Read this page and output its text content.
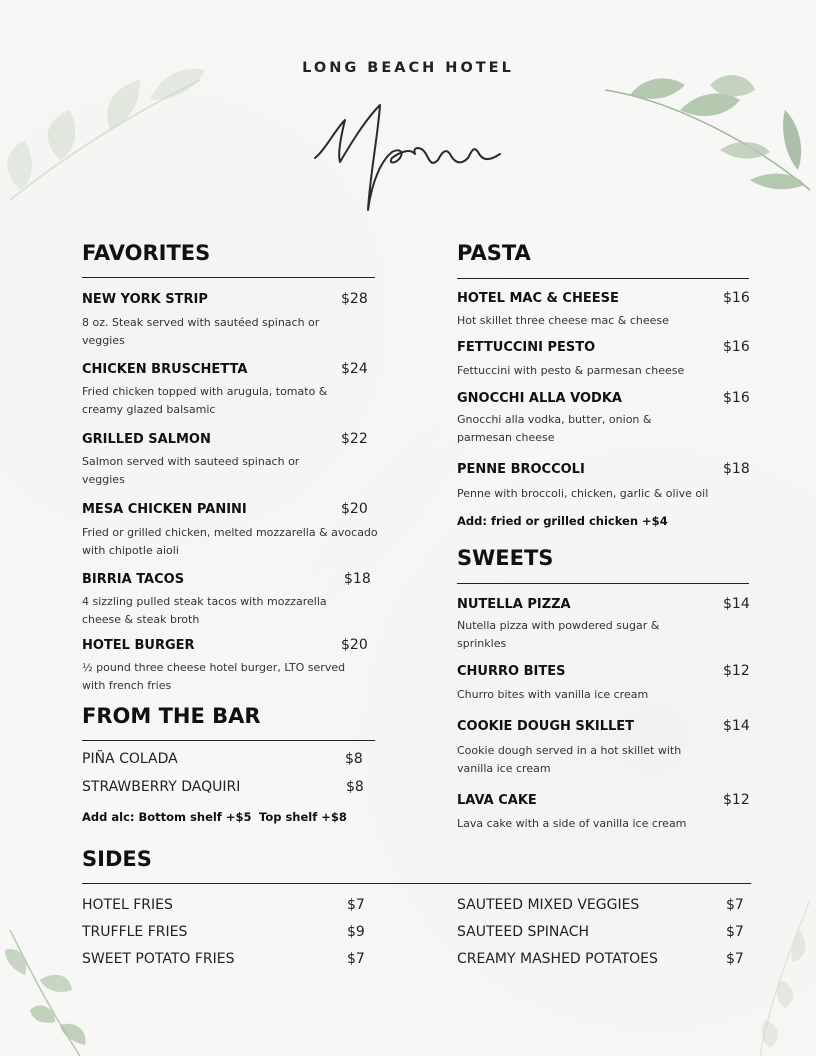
LONG BEACH HOTEL
Menu
FAVORITES
NEW YORK STRIP	$28
8 oz. Steak served with sautéed spinach or veggies
CHICKEN BRUSCHETTA	$24
Fried chicken topped with arugula, tomato & creamy glazed balsamic
GRILLED SALMON	$22
Salmon served with sauteed spinach or veggies
MESA CHICKEN PANINI	$20
Fried or grilled chicken, melted mozzarella & avocado with chipotle aioli
BIRRIA TACOS	$18
4 sizzling pulled steak tacos with mozzarella cheese & steak broth
HOTEL BURGER	$20
½ pound three cheese hotel burger, LTO served with french fries
FROM THE BAR
PIÑA COLADA	$8
STRAWBERRY DAQUIRI	$8
Add alc: Bottom shelf +$5 Top shelf +$8
PASTA
HOTEL MAC & CHEESE	$16
Hot skillet three cheese mac & cheese
FETTUCCINI PESTO	$16
Fettuccini with pesto & parmesan cheese
GNOCCHI ALLA VODKA	$16
Gnocchi alla vodka, butter, onion & parmesan cheese
PENNE BROCCOLI	$18
Penne with broccoli, chicken, garlic & olive oil
Add: fried or grilled chicken +$4
SWEETS
NUTELLA PIZZA	$14
Nutella pizza with powdered sugar & sprinkles
CHURRO BITES	$12
Churro bites with vanilla ice cream
COOKIE DOUGH SKILLET	$14
Cookie dough served in a hot skillet with vanilla ice cream
LAVA CAKE	$12
Lava cake with a side of vanilla ice cream
SIDES
HOTEL FRIES	$7
TRUFFLE FRIES	$9
SWEET POTATO FRIES	$7
SAUTEED MIXED VEGGIES	$7
SAUTEED SPINACH	$7
CREAMY MASHED POTATOES	$7
